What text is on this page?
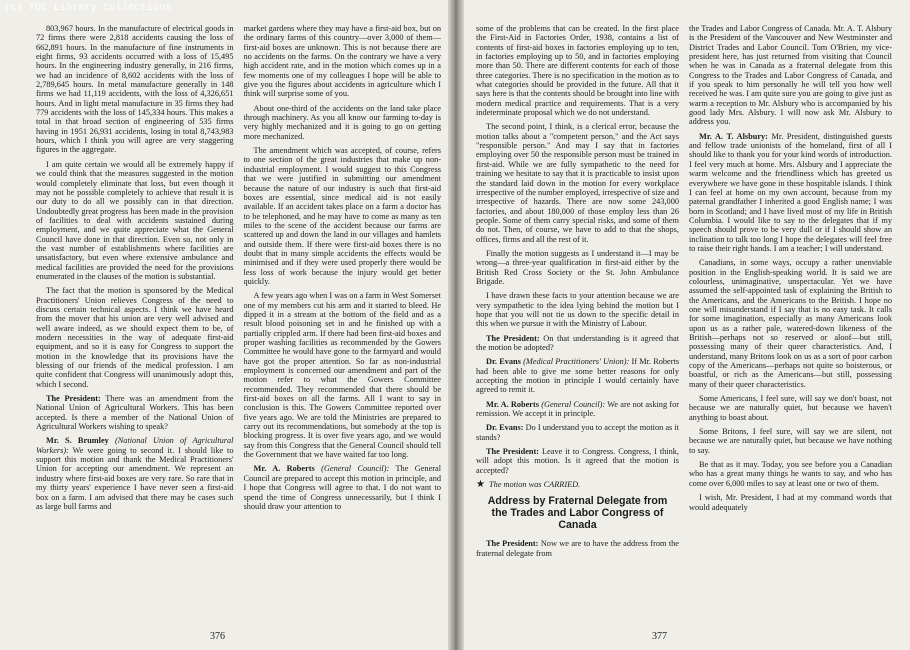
(c) TUC Library Collections

803,967 hours. In the manufacture of electrical goods in 72 firms there were 2,818 accidents causing the loss of 662,891 hours. In the manufacture of fine instruments in eight firms, 93 accidents occurred with a loss of 15,495 hours. In the engineering industry generally, in 216 firms, we had an incidence of 8,602 accidents with the loss of 2,789,645 hours. In metal manufacture generally in 148 firms we had 11,119 accidents, with the loss of 4,326,651 hours. And in light metal manufacture in 35 firms they had 779 accidents with the loss of 145,334 hours. This makes a total in that broad section of engineering of 535 firms having in 1951 26,931 accidents, losing in total 8,743,983 hours, which I think you will agree are very staggering figures in the aggregate.

I am quite certain we would all be extremely happy if we could think that the measures suggested in the motion would completely eliminate that loss, but even though it may not be possible completely to achieve that result it is our duty to do all we possibly can in that direction. Undoubtedly great progress has been made in the provision of facilities to deal with accidents sustained during employment, and we quite appreciate what the General Council have done in that direction. Even so, not only in the vast number of establishments where facilities are unsatisfactory, but even where extensive ambulance and medical facilities are provided the need for the provisions enumerated in the clauses of the motion is substantial.

The fact that the motion is sponsored by the Medical Practitioners' Union relieves Congress of the need to discuss certain technical aspects. I think we have heard from the mover that his union are very well advised and well aware indeed, as we should expect them to be, of modern necessities in the way of adequate first-aid equipment, and so it is easy for Congress to support the motion in the knowledge that its provisions have the blessing of our friends of the medical profession. I am quite confident that Congress will unanimously adopt this, which I second.

The President: There was an amendment from the National Union of Agricultural Workers. This has been accepted. Is there a member of the National Union of Agricultural Workers wishing to speak?

Mr. S. Brumley (National Union of Agricultural Workers): We were going to second it. I should like to support this motion and thank the Medical Practitioners' Union for accepting our amendment. We represent an industry where first-aid boxes are very rare. So rare that in my thirty years' experience I have never seen a first-aid box on a farm. I am advised that there may be cases such as large bull farms and

market gardens where they may have a first-aid box, but on the ordinary farms of this country—over 3,000 of them—first-aid boxes are unknown. This is not because there are no accidents on the farms. On the contrary we have a very high accident rate, and in the motion which comes up in a few moments one of my colleagues I hope will be able to give you the figures about accidents in agriculture which I think will surprise some of you.

About one-third of the accidents on the land take place through machinery. As you all know our farming to-day is very highly mechanized and it is going to go on getting more mechanized.

The amendment which was accepted, of course, refers to one section of the great industries that make up non-industrial employment. I would suggest to this Congress that we were justified in submitting our amendment because the nature of our industry is such that first-aid boxes are essential, since medical aid is not easily available. If an accident takes place on a farm a doctor has to be telephoned, and he may have to come as many as ten miles to the scene of the accident because our farms are scattered up and down the land in our villages and hamlets and outside them. If there were first-aid boxes there is no doubt that in many simple accidents the effects would be minimised and if they were used properly there would be less loss of work because the injury would get better quickly.

A few years ago when I was on a farm in West Somerset one of my members cut his arm and it started to bleed. He dipped it in a stream at the bottom of the field and as a result blood poisoning set in and he finished up with a partially crippled arm. If there had been first-aid boxes and proper washing facilities as recommended by the Gowers Committee he would have gone to the farmyard and would have got the proper attention. So far as non-industrial employment is concerned our amendment and part of the motion refer to what the Gowers Committee recommended. They recommended that there should be first-aid boxes on all the farms. All I want to say in conclusion is this. The Gowers Committee reported over five years ago. We are told the Ministries are prepared to carry out its recommendations, but somebody at the top is blocking progress. It is over five years ago, and we would say from this Congress that the General Council should tell the Government that we have waited far too long.

Mr. A. Roberts (General Council): The General Council are prepared to accept this motion in principle, and I hope that Congress will agree to that. I do not want to spend the time of Congress unnecessarily, but I think I should draw your attention to

376

some of the problems that can be created. In the first place the First-Aid in Factories Order, 1938, contains a list of contents of first-aid boxes in factories employing up to ten, in factories employing up to 50, and in factories employing more than 50. There are different contents for each of those three categories. There is no specification in the motion as to what categories should be provided in the future. All that it says here is that the contents should be brought into line with modern medical practice and requirements. That is a very indeterminate proposal which we do not understand.

The second point, I think, is a clerical error, because the motion talks about a "competent person," and the Act says "responsible person." And may I say that in factories employing over 50 the responsible person must be trained in first-aid. While we are fully sympathetic to the need for training we hesitate to say that it is practicable to insist upon the standard laid down in the motion for every workplace irrespective of the number employed, irrespective of size and irrespective of hazards. There are now some 243,000 factories, and about 180,000 of those employ less than 26 people. Some of them carry special risks, and some of them do not. Then, of course, we have to add to that the shops, offices, firms and all the rest of it.

Finally the motion suggests as I understand it—I may be wrong—a three-year qualification in first-aid either by the British Red Cross Society or the St. John Ambulance Brigade.

I have drawn these facts to your attention because we are very sympathetic to the idea lying behind the motion but I hope that you will not tie us down to the specific detail in this when we pursue it with the Ministry of Labour.

The President: On that understanding is it agreed that the motion be adopted?

Dr. Evans (Medical Practitioners' Union): If Mr. Roberts had been able to give me some better reasons for only accepting the motion in principle I would certainly have agreed to remit it.

Mr. A. Roberts (General Council): We are not asking for remission. We accept it in principle.

Dr. Evans: Do I understand you to accept the motion as it stands?

The President: Leave it to Congress. Congress, I think, will adopt this motion. Is it agreed that the motion is accepted?

★ The motion was CARRIED.

Address by Fraternal Delegate from the Trades and Labor Congress of Canada

The President: Now we are to have the address from the fraternal delegate from

the Trades and Labor Congress of Canada. Mr. A. T. Alsbury is the President of the Vancouver and New Westminster and District Trades and Labor Council. Tom O'Brien, my vice-president here, has just returned from visiting that Council when he was in Canada as a fraternal delegate from this Congress to the Trades and Labor Congress of Canada, and if you speak to him personally he will tell you how well received he was. I am quite sure you are going to give just as warm a reception to Mr. Alsbury who is accompanied by his good lady Mrs. Alsbury. I will now ask Mr. Alsbury to address you.

Mr. A. T. Alsbury: Mr. President, distinguished guests and fellow trade unionists of the homeland, first of all I should like to thank you for your kind words of introduction. I feel very much at home. Mrs. Alsbury and I appreciate the warm welcome and the friendliness which has greeted us everywhere we have gone in these hospitable islands. I think I can feel at home on my own account, because from my paternal grandfather I inherited a good English name; I was born in Scotland; and I have lived most of my life in British Columbia. I would like to say to the delegates that if my speech should prove to be very dull or if I should show an inclination to talk too long I hope the delegates will feel free to raise their right hands. I am a teacher; I will understand.

Canadians, in some ways, occupy a rather unenviable position in the English-speaking world. It is said we are colourless, unimaginative, unspectacular. Yet we have assumed the self-appointed task of explaining the British to the Americans, and the Americans to the British. I hope no one will misunderstand if I say that is no easy task. It calls for some imagination, especially as many Americans look upon us as a rather pale, watered-down likeness of the British—perhaps not so reserved or aloof—but still, possessing many of their queer characteristics. And, I understand, many Britons look on us as a sort of poor carbon copy of the Americans—perhaps not quite so boisterous, or boastful, or rich as the Americans—but still, possessing many of their queer characteristics.

Some Americans, I feel sure, will say we don't boast, not because we are naturally quiet, but because we haven't anything to boast about.

Some Britons, I feel sure, will say we are silent, not because we are naturally quiet, but because we have nothing to say.

Be that as it may. Today, you see before you a Canadian who has a great many things he wants to say, and who has come over 6,000 miles to say at least one or two of them.

I wish, Mr. President, I had at my command words that would adequately

377
